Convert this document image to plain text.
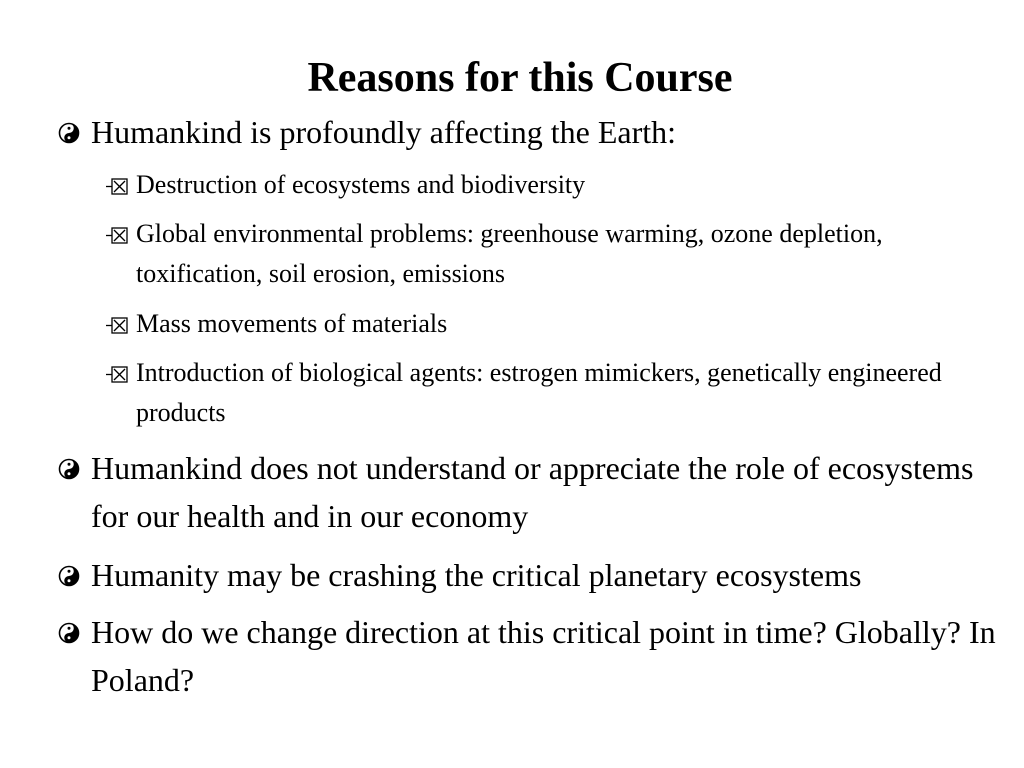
Reasons for this Course
Humankind is profoundly affecting the Earth:
Destruction of ecosystems and biodiversity
Global environmental problems: greenhouse warming, ozone depletion, toxification, soil erosion, emissions
Mass movements of materials
Introduction of biological agents: estrogen mimickers, genetically engineered products
Humankind does not understand or appreciate the role of ecosystems for our health and in our economy
Humanity may be crashing the critical planetary ecosystems
How do we change direction at this critical point in time? Globally? In Poland?
